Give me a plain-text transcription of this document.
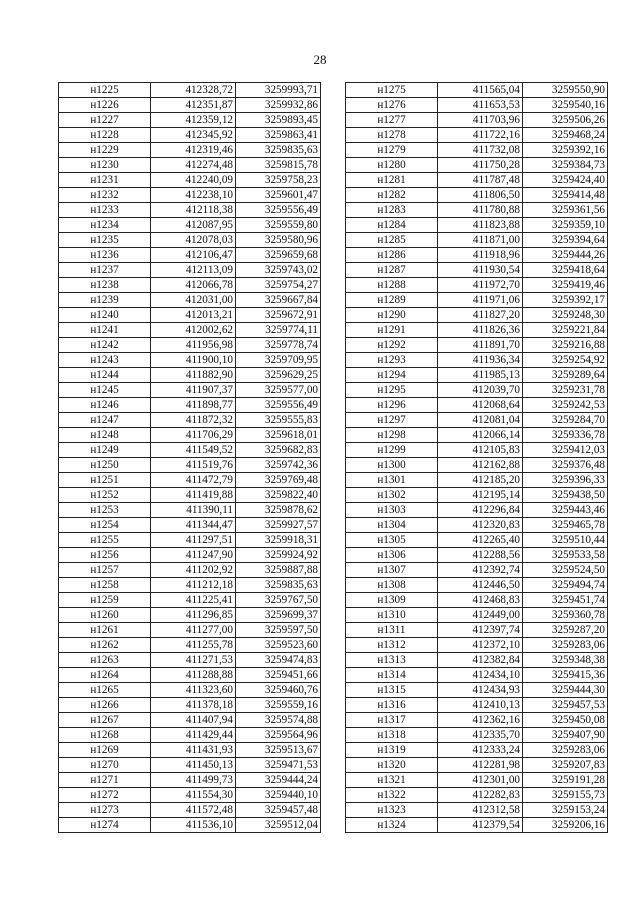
28
н1225	412328,72	3259993,71
н1226	412351,87	3259932,86
н1227	412359,12	3259893,45
н1228	412345,92	3259863,41
н1229	412319,46	3259835,63
н1230	412274,48	3259815,78
н1231	412240,09	3259758,23
н1232	412238,10	3259601,47
н1233	412118,38	3259556,49
н1234	412087,95	3259559,80
н1235	412078,03	3259580,96
н1236	412106,47	3259659,68
н1237	412113,09	3259743,02
н1238	412066,78	3259754,27
н1239	412031,00	3259667,84
н1240	412013,21	3259672,91
н1241	412002,62	3259774,11
н1242	411956,98	3259778,74
н1243	411900,10	3259709,95
н1244	411882,90	3259629,25
н1245	411907,37	3259577,00
н1246	411898,77	3259556,49
н1247	411872,32	3259555,83
н1248	411706,29	3259618,01
н1249	411549,52	3259682,83
н1250	411519,76	3259742,36
н1251	411472,79	3259769,48
н1252	411419,88	3259822,40
н1253	411390,11	3259878,62
н1254	411344,47	3259927,57
н1255	411297,51	3259918,31
н1256	411247,90	3259924,92
н1257	411202,92	3259887,88
н1258	411212,18	3259835,63
н1259	411225,41	3259767,50
н1260	411296,85	3259699,37
н1261	411277,00	3259597,50
н1262	411255,78	3259523,60
н1263	411271,53	3259474,83
н1264	411288,88	3259451,66
н1265	411323,60	3259460,76
н1266	411378,18	3259559,16
н1267	411407,94	3259574,88
н1268	411429,44	3259564,96
н1269	411431,93	3259513,67
н1270	411450,13	3259471,53
н1271	411499,73	3259444,24
н1272	411554,30	3259440,10
н1273	411572,48	3259457,48
н1274	411536,10	3259512,04
н1275	411565,04	3259550,90
н1276	411653,53	3259540,16
н1277	411703,96	3259506,26
н1278	411722,16	3259468,24
н1279	411732,08	3259392,16
н1280	411750,28	3259384,73
н1281	411787,48	3259424,40
н1282	411806,50	3259414,48
н1283	411780,88	3259361,56
н1284	411823,88	3259359,10
н1285	411871,00	3259394,64
н1286	411918,96	3259444,26
н1287	411930,54	3259418,64
н1288	411972,70	3259419,46
н1289	411971,06	3259392,17
н1290	411827,20	3259248,30
н1291	411826,36	3259221,84
н1292	411891,70	3259216,88
н1293	411936,34	3259254,92
н1294	411985,13	3259289,64
н1295	412039,70	3259231,78
н1296	412068,64	3259242,53
н1297	412081,04	3259284,70
н1298	412066,14	3259336,78
н1299	412105,83	3259412,03
н1300	412162,88	3259376,48
н1301	412185,20	3259396,33
н1302	412195,14	3259438,50
н1303	412296,84	3259443,46
н1304	412320,83	3259465,78
н1305	412265,40	3259510,44
н1306	412288,56	3259533,58
н1307	412392,74	3259524,50
н1308	412446,50	3259494,74
н1309	412468,83	3259451,74
н1310	412449,00	3259360,78
н1311	412397,74	3259287,20
н1312	412372,10	3259283,06
н1313	412382,84	3259348,38
н1314	412434,10	3259415,36
н1315	412434,93	3259444,30
н1316	412410,13	3259457,53
н1317	412362,16	3259450,08
н1318	412335,70	3259407,90
н1319	412333,24	3259283,06
н1320	412281,98	3259207,83
н1321	412301,00	3259191,28
н1322	412282,83	3259155,73
н1323	412312,58	3259153,24
н1324	412379,54	3259206,16
